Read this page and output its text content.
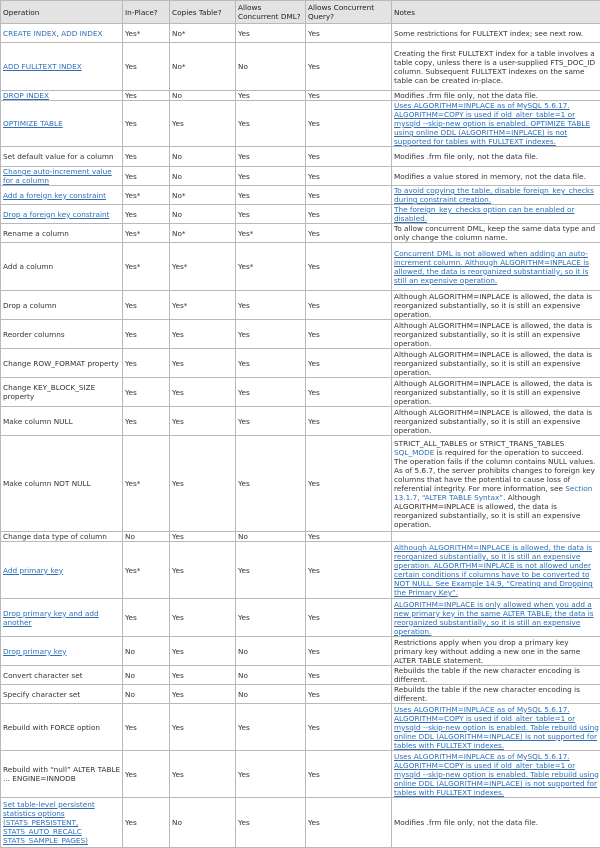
Operation	In-Place?	Copies Table?	Allows Concurrent DML?	Allows Concurrent Query?	Notes
CREATE INDEX, ADD INDEX	Yes*	No*	Yes	Yes	Some restrictions for FULLTEXT index; see next row.
ADD FULLTEXT INDEX	Yes	No*	No	Yes	Creating the first FULLTEXT index for a table involves a table copy, unless there is a user-supplied FTS_DOC_ID column. Subsequent FULLTEXT indexes on the same table can be created in-place.
DROP INDEX	Yes	No	Yes	Yes	Modifies .frm file only, not the data file.
OPTIMIZE TABLE	Yes	Yes	Yes	Yes	Uses ALGORITHM=INPLACE as of MySQL 5.6.17. ALGORITHM=COPY is used if old_alter_table=1 or mysqld --skip-new option is enabled. OPTIMIZE TABLE using online DDL (ALGORITHM=INPLACE) is not supported for tables with FULLTEXT indexes.
Set default value for a column	Yes	No	Yes	Yes	Modifies .frm file only, not the data file.
Change auto-increment value for a column	Yes	No	Yes	Yes	Modifies a value stored in memory, not the data file.
Add a foreign key constraint	Yes*	No*	Yes	Yes	To avoid copying the table, disable foreign_key_checks during constraint creation.
Drop a foreign key constraint	Yes	No	Yes	Yes	The foreign_key_checks option can be enabled or disabled.
Rename a column	Yes*	No*	Yes*	Yes	To allow concurrent DML, keep the same data type and only change the column name.
Add a column	Yes*	Yes*	Yes*	Yes	Concurrent DML is not allowed when adding an auto-increment column. Although ALGORITHM=INPLACE is allowed, the data is reorganized substantially, so it is still an expensive operation.
Drop a column	Yes	Yes*	Yes	Yes	Although ALGORITHM=INPLACE is allowed, the data is reorganized substantially, so it is still an expensive operation.
Reorder columns	Yes	Yes	Yes	Yes	Although ALGORITHM=INPLACE is allowed, the data is reorganized substantially, so it is still an expensive operation.
Change ROW_FORMAT property	Yes	Yes	Yes	Yes	Although ALGORITHM=INPLACE is allowed, the data is reorganized substantially, so it is still an expensive operation.
Change KEY_BLOCK_SIZE property	Yes	Yes	Yes	Yes	Although ALGORITHM=INPLACE is allowed, the data is reorganized substantially, so it is still an expensive operation.
Make column NULL	Yes	Yes	Yes	Yes	Although ALGORITHM=INPLACE is allowed, the data is reorganized substantially, so it is still an expensive operation.
Make column NOT NULL	Yes*	Yes	Yes	Yes	STRICT_ALL_TABLES or STRICT_TRANS_TABLES SQL_MODE is required for the operation to succeed. The operation fails if the column contains NULL values. As of 5.6.7, the server prohibits changes to foreign key columns that have the potential to cause loss of referential integrity. For more information, see Section 13.1.7, “ALTER TABLE Syntax”. Although ALGORITHM=INPLACE is allowed, the data is reorganized substantially, so it is still an expensive operation.
Change data type of column	No	Yes	No	Yes	
Add primary key	Yes*	Yes	Yes	Yes	Although ALGORITHM=INPLACE is allowed, the data is reorganized substantially, so it is still an expensive operation. ALGORITHM=INPLACE is not allowed under certain conditions if columns have to be converted to NOT NULL. See Example 14.9, “Creating and Dropping the Primary Key”.
Drop primary key and add another	Yes	Yes	Yes	Yes	ALGORITHM=INPLACE is only allowed when you add a new primary key in the same ALTER TABLE; the data is reorganized substantially, so it is still an expensive operation.
Drop primary key	No	Yes	No	Yes	Restrictions apply when you drop a primary key primary key without adding a new one in the same ALTER TABLE statement.
Convert character set	No	Yes	No	Yes	Rebuilds the table if the new character encoding is different.
Specify character set	No	Yes	No	Yes	Rebuilds the table if the new character encoding is different.
Rebuild with FORCE option	Yes	Yes	Yes	Yes	Uses ALGORITHM=INPLACE as of MySQL 5.6.17. ALGORITHM=COPY is used if old_alter_table=1 or mysqld --skip-new option is enabled. Table rebuild using online DDL (ALGORITHM=INPLACE) is not supported for tables with FULLTEXT indexes.
Rebuild with “null” ALTER TABLE ... ENGINE=INNODB	Yes	Yes	Yes	Yes	Uses ALGORITHM=INPLACE as of MySQL 5.6.17. ALGORITHM=COPY is used if old_alter_table=1 or mysqld --skip-new option is enabled. Table rebuild using online DDL (ALGORITHM=INPLACE) is not supported for tables with FULLTEXT indexes.
Set table-level persistent statistics options (STATS_PERSISTENT, STATS_AUTO_RECALC STATS_SAMPLE_PAGES)	Yes	No	Yes	Yes	Modifies .frm file only, not the data file.
